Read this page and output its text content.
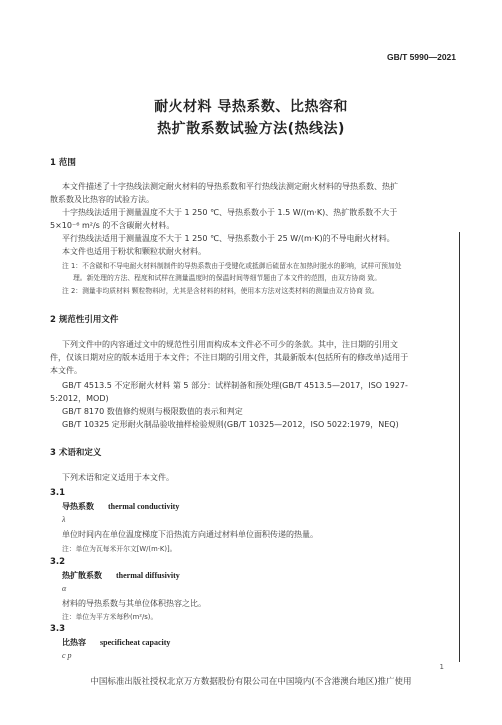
GB/T 5990—2021
耐火材料 导热系数、比热容和
热扩散系数试验方法(热线法)
1 范围
本文件描述了十字热线法测定耐火材料的导热系数和平行热线法测定耐火材料的导热系数、热扩
散系数及比热容的试验方法。
十字热线法适用于测量温度不大于 1 250 ℃、导热系数小于 1.5 W/(m·K)、热扩散系数不大于
5×10⁻⁶ m²/s 的不含碳耐火材料。
平行热线法适用于测量温度不大于 1 250 ℃、导热系数小于 25 W/(m·K)的不导电耐火材料。
本文件也适用于粉状和颗粒状耐火材料。
注 1：不含碳和不导电耐火材料制制件的导热系数由于受键化或抵御后硫留水在加热时脱水的影响，试样可预加处
理。新处理的方法、程度和试样在测量温度时的保温时间等细节题由了本文件的范围，由双方协商 致。
注 2：测量非均质材料 颗粒物料时，尤其是含材料的材料，使用本方法对这类材料的测量由双方协商 致。
2 规范性引用文件
下列文件中的内容通过文中的规范性引用而构成本文件必不可少的条款。其中，注日期的引用文
件，仅该日期对应的版本适用于本文件；不注日期的引用文件，其最新版本(包括所有的修改单)适用于
本文件。
GB/T 4513.5 不定形耐火材料 第 5 部分：试样制备和预处理(GB/T 4513.5—2017，ISO 1927-
5:2012，MOD)
GB/T 8170 数值修约规则与极限数值的表示和判定
GB/T 10325 定形耐火制品验收抽样检验规则(GB/T 10325—2012，ISO 5022:1979，NEQ)
3 术语和定义
下列术语和定义适用于本文件。
3.1
导热系数 thermal conductivity
λ
单位时间内在单位温度梯度下沿热流方向通过材料单位面积传递的热量。
注：单位为瓦每米开尔文[W/(m·K)]。
3.2
热扩散系数 thermal diffusivity
α
材料的导热系数与其单位体积热容之比。
注：单位为平方米每秒(m²/s)。
3.3
比热容 specificheat capacity
c p
1
中国标准出版社授权北京万方数据股份有限公司在中国境内(不含港澳台地区)推广使用
